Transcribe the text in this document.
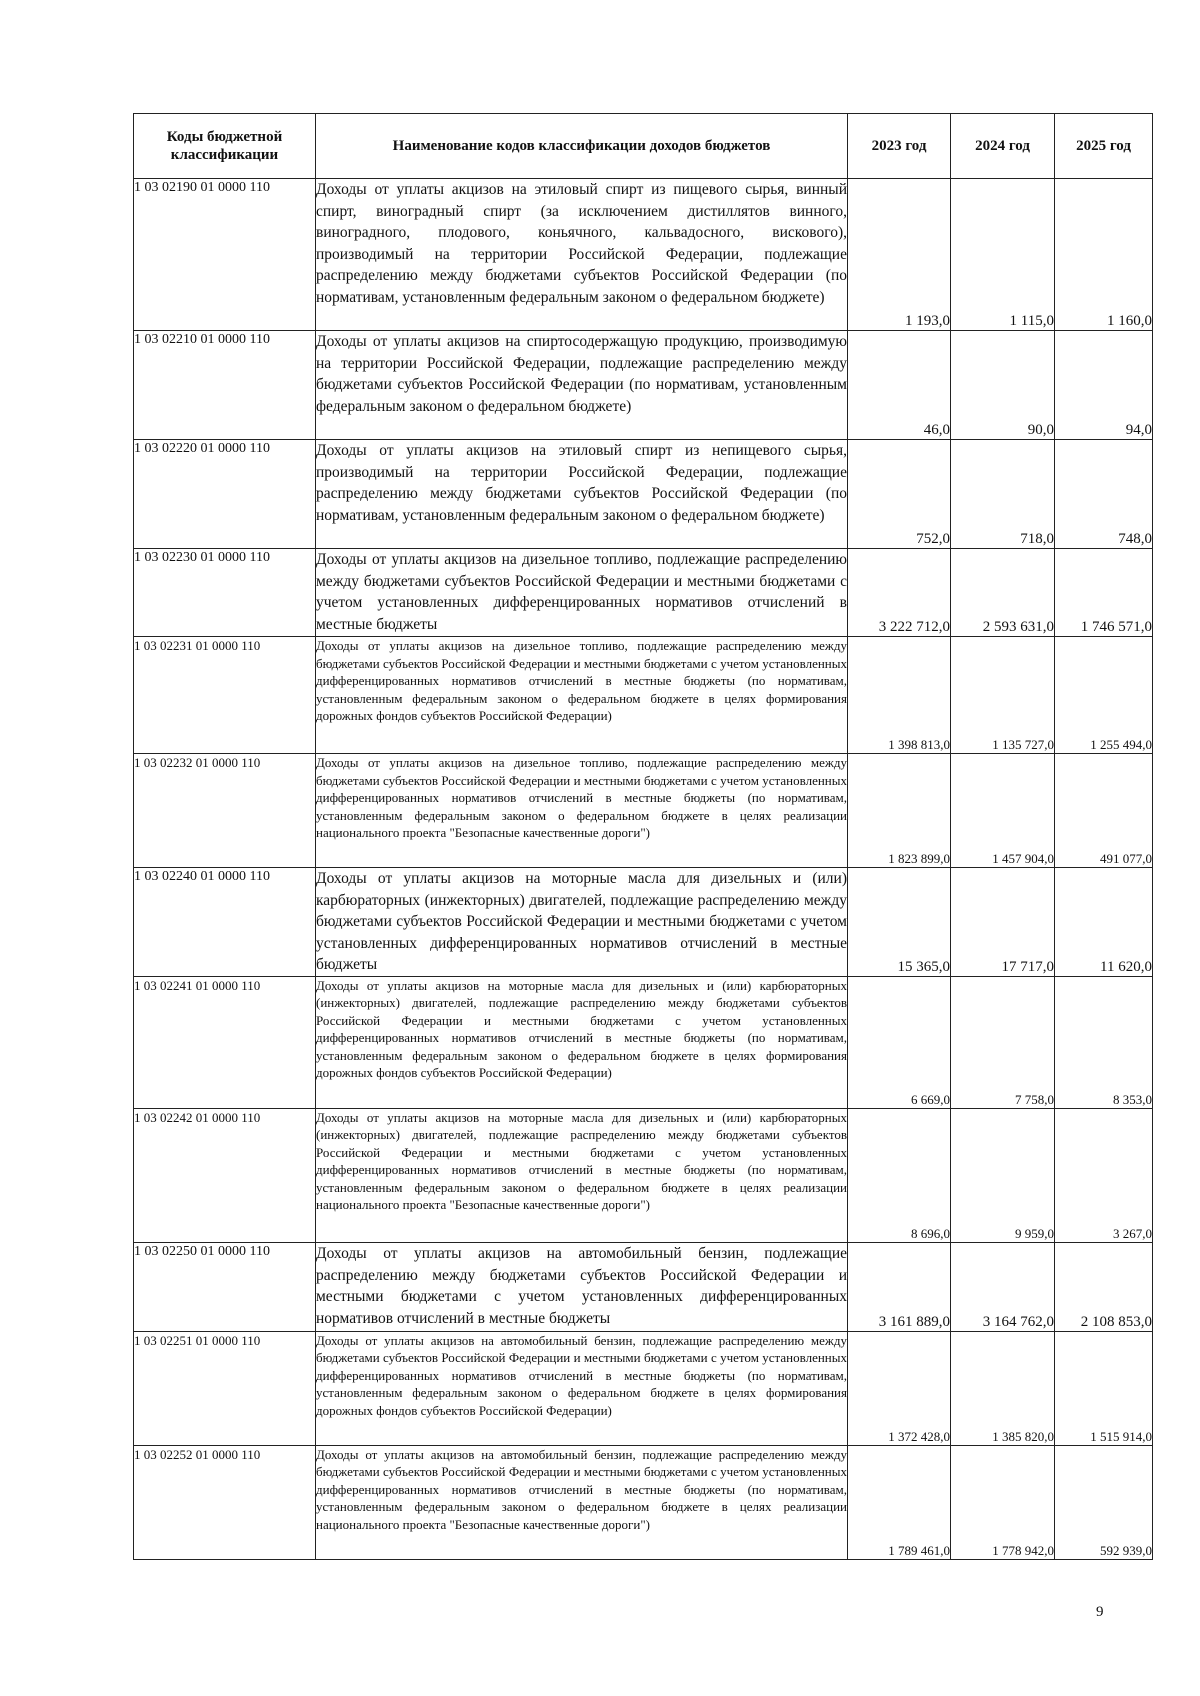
Коды бюджетной классификации	Наименование кодов классификации доходов бюджетов	2023 год	2024 год	2025 год
1 03 02190 01 0000 110	Доходы от уплаты акцизов на этиловый спирт из пищевого сырья, винный спирт, виноградный спирт (за исключением дистиллятов винного, виноградного, плодового, коньячного, кальвадосного, вискового), производимый на территории Российской Федерации, подлежащие распределению между бюджетами субъектов Российской Федерации (по нормативам, установленным федеральным законом о федеральном бюджете)	1 193,0	1 115,0	1 160,0
1 03 02210 01 0000 110	Доходы от уплаты акцизов на спиртосодержащую продукцию, производимую на территории Российской Федерации, подлежащие распределению между бюджетами субъектов Российской Федерации (по нормативам, установленным федеральным законом о федеральном бюджете)	46,0	90,0	94,0
1 03 02220 01 0000 110	Доходы от уплаты акцизов на этиловый спирт из непищевого сырья, производимый на территории Российской Федерации, подлежащие распределению между бюджетами субъектов Российской Федерации (по нормативам, установленным федеральным законом о федеральном бюджете)	752,0	718,0	748,0
1 03 02230 01 0000 110	Доходы от уплаты акцизов на дизельное топливо, подлежащие распределению между бюджетами субъектов Российской Федерации и местными бюджетами с учетом установленных дифференцированных нормативов отчислений в местные бюджеты	3 222 712,0	2 593 631,0	1 746 571,0
1 03 02231 01 0000 110	Доходы от уплаты акцизов на дизельное топливо, подлежащие распределению между бюджетами субъектов Российской Федерации и местными бюджетами с учетом установленных дифференцированных нормативов отчислений в местные бюджеты (по нормативам, установленным федеральным законом о федеральном бюджете в целях формирования дорожных фондов субъектов Российской Федерации)	1 398 813,0	1 135 727,0	1 255 494,0
1 03 02232 01 0000 110	Доходы от уплаты акцизов на дизельное топливо, подлежащие распределению между бюджетами субъектов Российской Федерации и местными бюджетами с учетом установленных дифференцированных нормативов отчислений в местные бюджеты (по нормативам, установленным федеральным законом о федеральном бюджете в целях реализации национального проекта "Безопасные качественные дороги")	1 823 899,0	1 457 904,0	491 077,0
1 03 02240 01 0000 110	Доходы от уплаты акцизов на моторные масла для дизельных и (или) карбюраторных (инжекторных) двигателей, подлежащие распределению между бюджетами субъектов Российской Федерации и местными бюджетами с учетом установленных дифференцированных нормативов отчислений в местные бюджеты	15 365,0	17 717,0	11 620,0
1 03 02241 01 0000 110	Доходы от уплаты акцизов на моторные масла для дизельных и (или) карбюраторных (инжекторных) двигателей, подлежащие распределению между бюджетами субъектов Российской Федерации и местными бюджетами с учетом установленных дифференцированных нормативов отчислений в местные бюджеты (по нормативам, установленным федеральным законом о федеральном бюджете в целях формирования дорожных фондов субъектов Российской Федерации)	6 669,0	7 758,0	8 353,0
1 03 02242 01 0000 110	Доходы от уплаты акцизов на моторные масла для дизельных и (или) карбюраторных (инжекторных) двигателей, подлежащие распределению между бюджетами субъектов Российской Федерации и местными бюджетами с учетом установленных дифференцированных нормативов отчислений в местные бюджеты (по нормативам, установленным федеральным законом о федеральном бюджете в целях реализации национального проекта "Безопасные качественные дороги")	8 696,0	9 959,0	3 267,0
1 03 02250 01 0000 110	Доходы от уплаты акцизов на автомобильный бензин, подлежащие распределению между бюджетами субъектов Российской Федерации и местными бюджетами с учетом установленных дифференцированных нормативов отчислений в местные бюджеты	3 161 889,0	3 164 762,0	2 108 853,0
1 03 02251 01 0000 110	Доходы от уплаты акцизов на автомобильный бензин, подлежащие распределению между бюджетами субъектов Российской Федерации и местными бюджетами с учетом установленных дифференцированных нормативов отчислений в местные бюджеты (по нормативам, установленным федеральным законом о федеральном бюджете в целях формирования дорожных фондов субъектов Российской Федерации)	1 372 428,0	1 385 820,0	1 515 914,0
1 03 02252 01 0000 110	Доходы от уплаты акцизов на автомобильный бензин, подлежащие распределению между бюджетами субъектов Российской Федерации и местными бюджетами с учетом установленных дифференцированных нормативов отчислений в местные бюджеты (по нормативам, установленным федеральным законом о федеральном бюджете в целях реализации национального проекта "Безопасные качественные дороги")	1 789 461,0	1 778 942,0	592 939,0
9
